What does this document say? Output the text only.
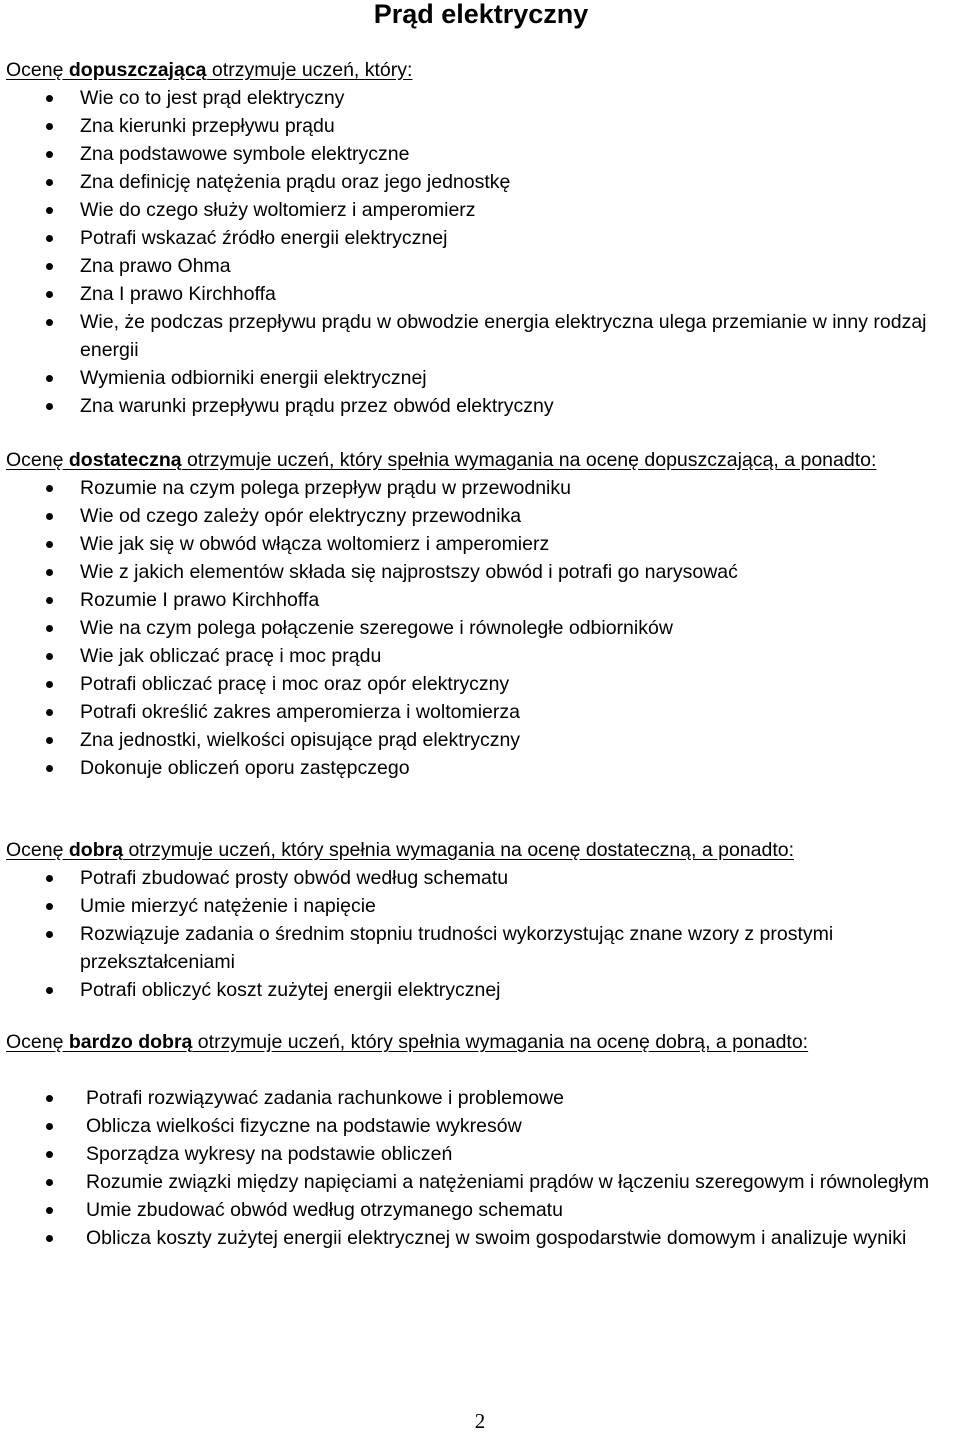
Prąd elektryczny

Ocenę dopuszczającą otrzymuje uczeń, który:

Wie co to jest prąd elektryczny
Zna kierunki przepływu prądu
Zna podstawowe symbole elektryczne
Zna definicję natężenia prądu oraz jego jednostkę
Wie do czego służy woltomierz i amperomierz
Potrafi wskazać źródło energii elektrycznej
Zna prawo Ohma
Zna I prawo Kirchhoffa
Wie, że podczas przepływu prądu w obwodzie energia elektryczna ulega przemianie w inny rodzaj energii
Wymienia odbiorniki energii elektrycznej
Zna warunki przepływu prądu przez obwód elektryczny

Ocenę dostateczną otrzymuje uczeń, który spełnia wymagania na ocenę dopuszczającą, a ponadto:

Rozumie na czym polega przepływ prądu w przewodniku
Wie od czego zależy opór elektryczny przewodnika
Wie jak się w obwód włącza woltomierz i amperomierz
Wie z jakich elementów składa się najprostszy obwód i potrafi go narysować
Rozumie I prawo Kirchhoffa
Wie na czym polega połączenie szeregowe i równoległe odbiorników
Wie jak obliczać pracę i moc prądu
Potrafi obliczać pracę i moc oraz opór elektryczny
Potrafi określić zakres amperomierza i woltomierza
Zna jednostki, wielkości opisujące prąd elektryczny
Dokonuje obliczeń oporu zastępczego

Ocenę dobrą otrzymuje uczeń, który spełnia wymagania na ocenę dostateczną, a ponadto:

Potrafi zbudować prosty obwód według schematu
Umie mierzyć natężenie i napięcie
Rozwiązuje zadania o średnim stopniu trudności wykorzystując znane wzory z prostymi przekształceniami
Potrafi obliczyć koszt zużytej energii elektrycznej

Ocenę bardzo dobrą otrzymuje uczeń, który spełnia wymagania na ocenę dobrą, a ponadto:

Potrafi rozwiązywać zadania rachunkowe i problemowe
Oblicza wielkości fizyczne na podstawie wykresów
Sporządza wykresy na podstawie obliczeń
Rozumie związki między napięciami a natężeniami prądów w łączeniu szeregowym i równoległym
Umie zbudować obwód według otrzymanego schematu
Oblicza koszty zużytej energii elektrycznej w swoim gospodarstwie domowym i analizuje wyniki
2
